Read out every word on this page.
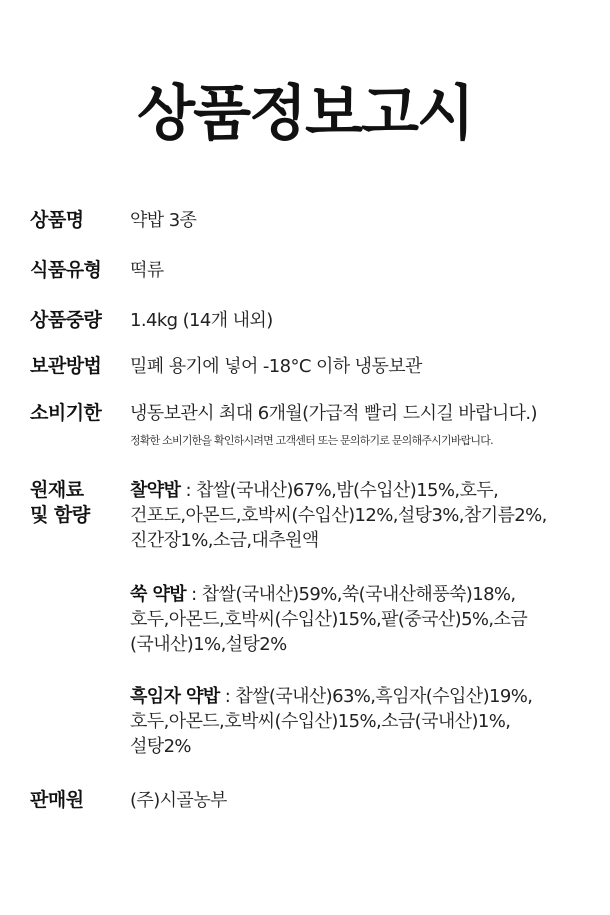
상품정보고시
상품명	약밥 3종
식품유형	떡류
상품중량	1.4kg (14개 내외)
보관방법	밀폐 용기에 넣어 -18°C 이하 냉동보관
소비기한	냉동보관시 최대 6개월(가급적 빨리 드시길 바랍니다.)
정확한 소비기한을 확인하시려면 고객센터 또는 문의하기로 문의해주시기바랍니다.
원재료
및 함량
찰약밥 : 찹쌀(국내산)67%,밤(수입산)15%,호두,
건포도,아몬드,호박씨(수입산)12%,설탕3%,참기름2%,
진간장1%,소금,대추원액
쑥 약밥 : 찹쌀(국내산)59%,쑥(국내산해풍쑥)18%,
호두,아몬드,호박씨(수입산)15%,팥(중국산)5%,소금
(국내산)1%,설탕2%
흑임자 약밥 : 찹쌀(국내산)63%,흑임자(수입산)19%,
호두,아몬드,호박씨(수입산)15%,소금(국내산)1%,
설탕2%
판매원	(주)시골농부
